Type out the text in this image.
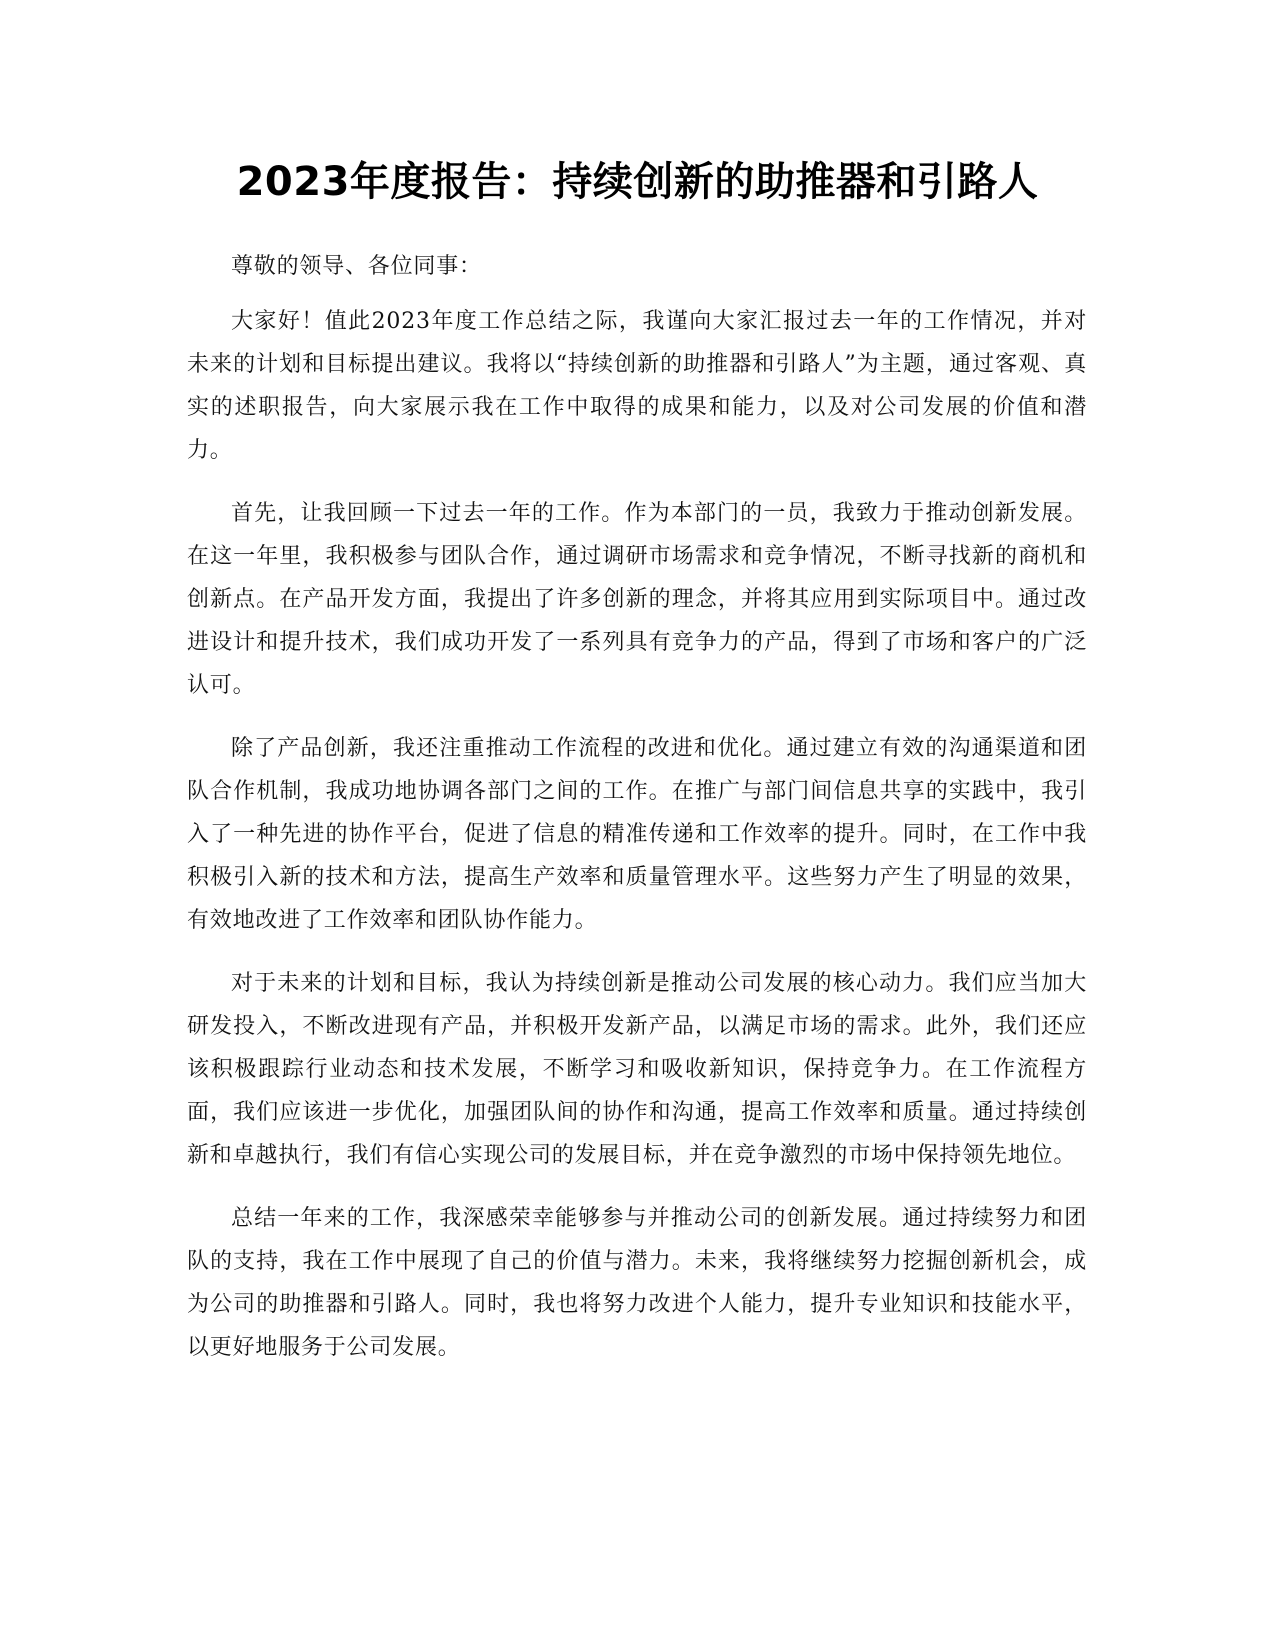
2023年度报告：持续创新的助推器和引路人

尊敬的领导、各位同事：

大家好！值此2023年度工作总结之际，我谨向大家汇报过去一年的工作情况，并对未来的计划和目标提出建议。我将以“持续创新的助推器和引路人”为主题，通过客观、真实的述职报告，向大家展示我在工作中取得的成果和能力，以及对公司发展的价值和潜力。

首先，让我回顾一下过去一年的工作。作为本部门的一员，我致力于推动创新发展。在这一年里，我积极参与团队合作，通过调研市场需求和竞争情况，不断寻找新的商机和创新点。在产品开发方面，我提出了许多创新的理念，并将其应用到实际项目中。通过改进设计和提升技术，我们成功开发了一系列具有竞争力的产品，得到了市场和客户的广泛认可。

除了产品创新，我还注重推动工作流程的改进和优化。通过建立有效的沟通渠道和团队合作机制，我成功地协调各部门之间的工作。在推广与部门间信息共享的实践中，我引入了一种先进的协作平台，促进了信息的精准传递和工作效率的提升。同时，在工作中我积极引入新的技术和方法，提高生产效率和质量管理水平。这些努力产生了明显的效果，有效地改进了工作效率和团队协作能力。

对于未来的计划和目标，我认为持续创新是推动公司发展的核心动力。我们应当加大研发投入，不断改进现有产品，并积极开发新产品，以满足市场的需求。此外，我们还应该积极跟踪行业动态和技术发展，不断学习和吸收新知识，保持竞争力。在工作流程方面，我们应该进一步优化，加强团队间的协作和沟通，提高工作效率和质量。通过持续创新和卓越执行，我们有信心实现公司的发展目标，并在竞争激烈的市场中保持领先地位。

总结一年来的工作，我深感荣幸能够参与并推动公司的创新发展。通过持续努力和团队的支持，我在工作中展现了自己的价值与潜力。未来，我将继续努力挖掘创新机会，成为公司的助推器和引路人。同时，我也将努力改进个人能力，提升专业知识和技能水平，以更好地服务于公司发展。
